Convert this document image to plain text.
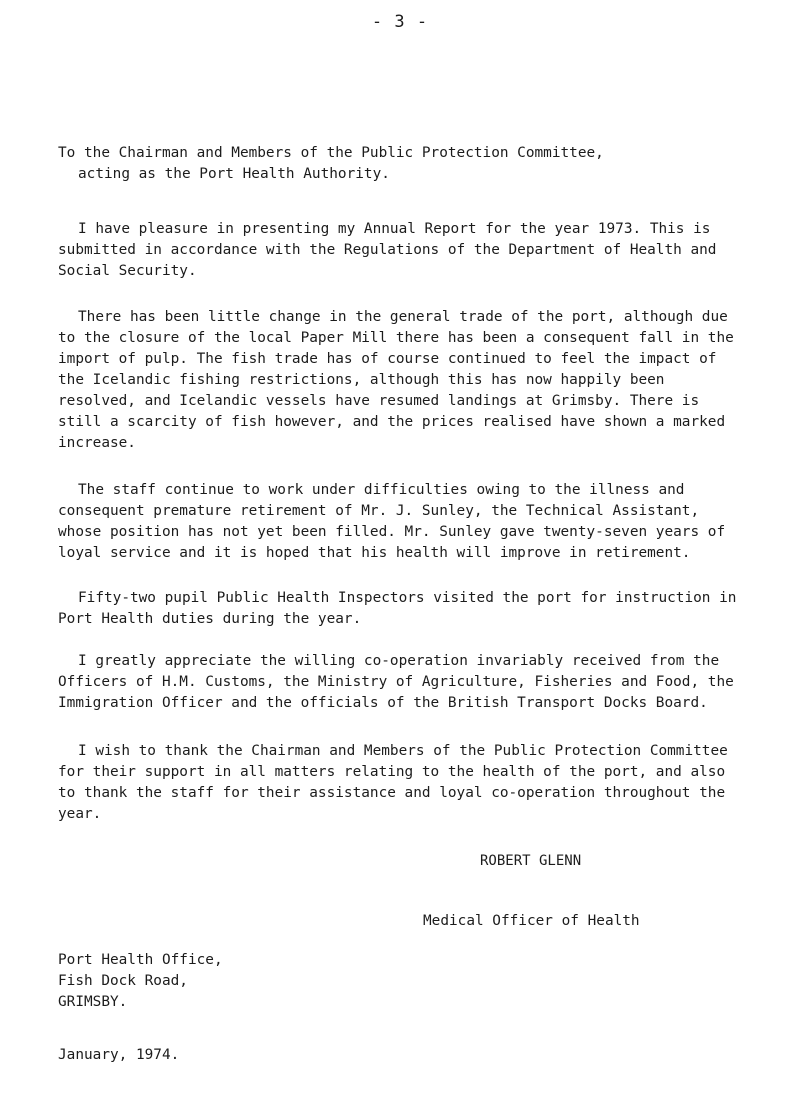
- 3 -

To the Chairman and Members of the Public Protection Committee,
acting as the Port Health Authority.

I have pleasure in presenting my Annual Report for the year 1973. This is submitted in accordance with the Regulations of the Department of Health and Social Security.

There has been little change in the general trade of the port, although due to the closure of the local Paper Mill there has been a consequent fall in the import of pulp. The fish trade has of course continued to feel the impact of the Icelandic fishing restrictions, although this has now happily been resolved, and Icelandic vessels have resumed landings at Grimsby. There is still a scarcity of fish however, and the prices realised have shown a marked increase.

The staff continue to work under difficulties owing to the illness and consequent premature retirement of Mr. J. Sunley, the Technical Assistant, whose position has not yet been filled. Mr. Sunley gave twenty-seven years of loyal service and it is hoped that his health will improve in retirement.

Fifty-two pupil Public Health Inspectors visited the port for instruction in Port Health duties during the year.

I greatly appreciate the willing co-operation invariably received from the Officers of H.M. Customs, the Ministry of Agriculture, Fisheries and Food, the Immigration Officer and the officials of the British Transport Docks Board.

I wish to thank the Chairman and Members of the Public Protection Committee for their support in all matters relating to the health of the port, and also to thank the staff for their assistance and loyal co-operation throughout the year.

ROBERT GLENN
Medical Officer of Health
Port Health Office,
Fish Dock Road,
GRIMSBY.
January, 1974.
